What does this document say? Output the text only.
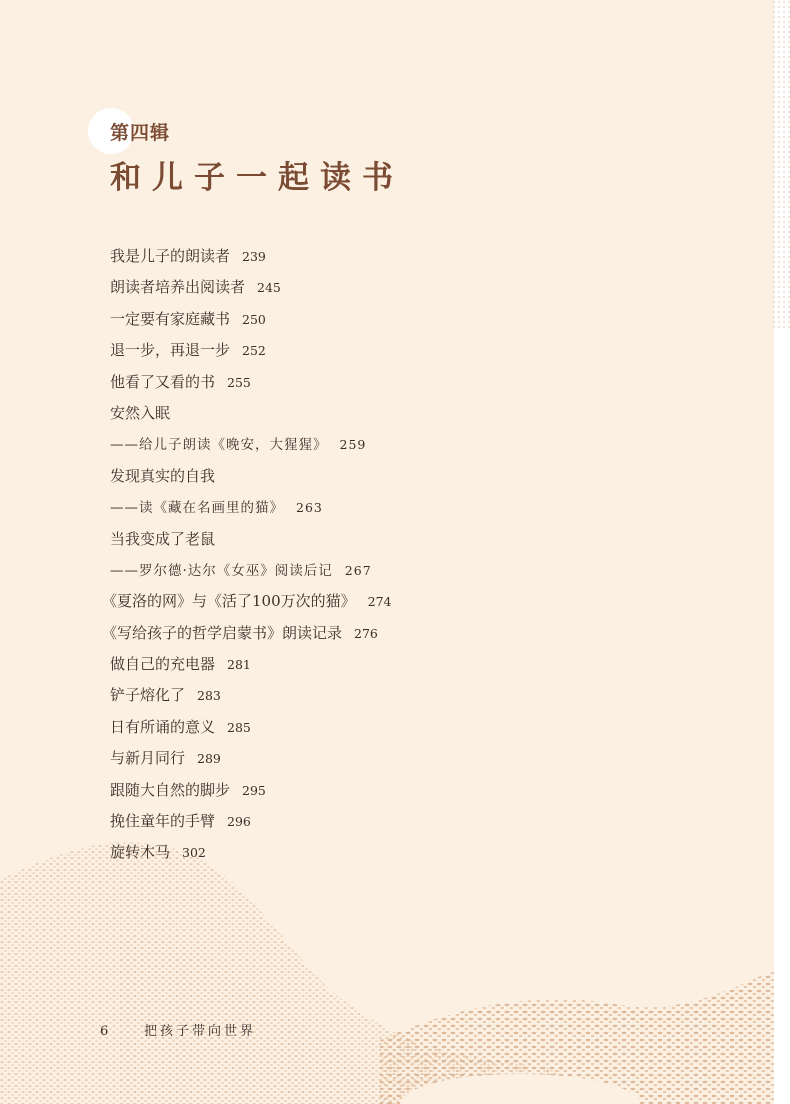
第四辑
和儿子一起读书
我是儿子的朗读者 239
朗读者培养出阅读者 245
一定要有家庭藏书 250
退一步，再退一步 252
他看了又看的书 255
安然入眠
——给儿子朗读《晚安，大猩猩》 259
发现真实的自我
——读《藏在名画里的猫》 263
当我变成了老鼠
——罗尔德·达尔《女巫》阅读后记 267
《夏洛的网》与《活了100万次的猫》 274
《写给孩子的哲学启蒙书》朗读记录 276
做自己的充电器 281
铲子熔化了 283
日有所诵的意义 285
与新月同行 289
跟随大自然的脚步 295
挽住童年的手臂 296
旋转木马 302
6	把孩子带向世界
